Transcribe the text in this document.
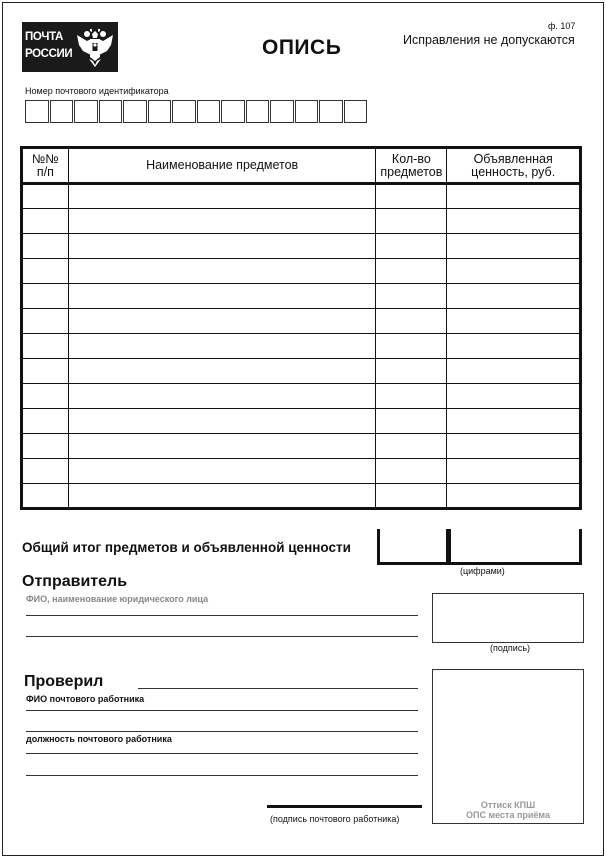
ПОЧТА
РОССИИ	ОПИСЬ
ф. 107
Исправления не допускаются
Номер почтового идентификатора
№№ п/п	Наименование предметов	Кол-во предметов	Объявленная ценность, руб.

Общий итог предметов и объявленной ценности
(цифрами)
Отправитель
ФИО, наименование юридического лица
(подпись)
Проверил
ФИО почтового работника
должность почтового работника
Оттиск КПШ
ОПС места приёма
(подпись почтового работника)
